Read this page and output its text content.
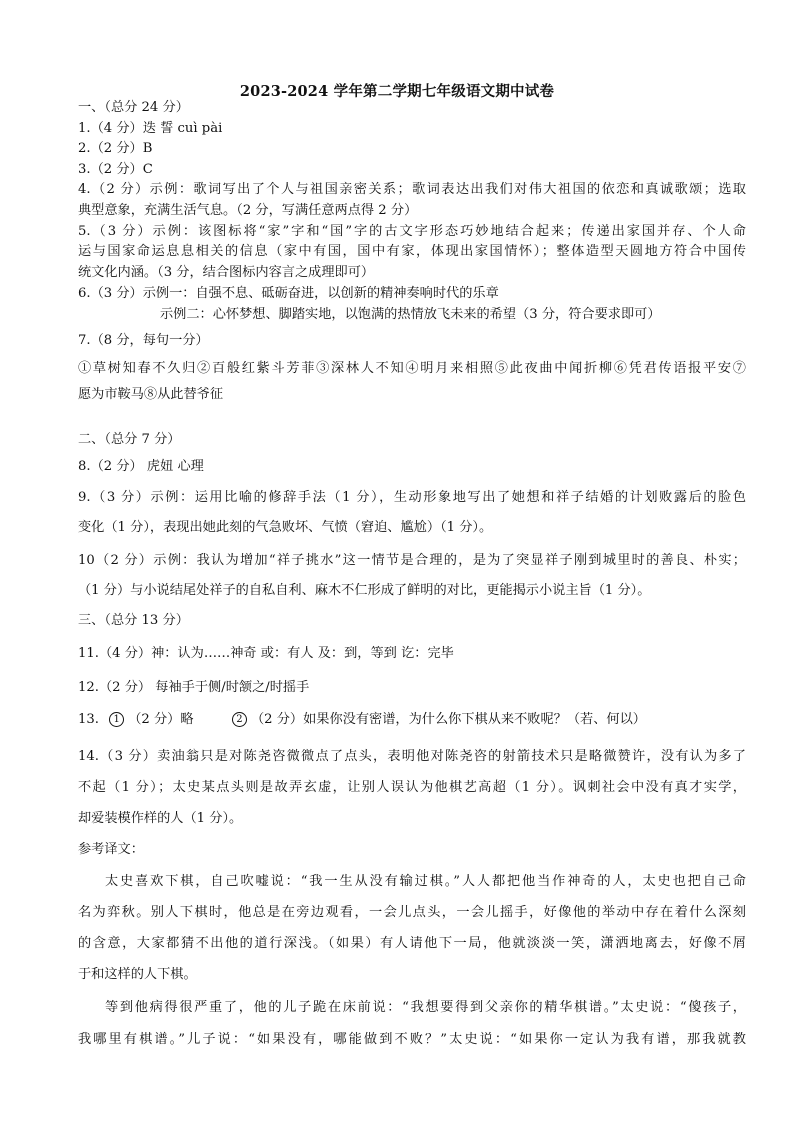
2023-2024 学年第二学期七年级语文期中试卷
一、（总分 24 分）
1.（4 分）迭 誓 cuì pài
2.（2 分）B
3.（2 分）C
4.（2 分）示例：歌词写出了个人与祖国亲密关系；歌词表达出我们对伟大祖国的依恋和真诚歌颂；选取
典型意象，充满生活气息。（2 分，写满任意两点得 2 分）
5.（3 分）示例：该图标将“家”字和“国”字的古文字形态巧妙地结合起来；传递出家国并存、个人命
运与国家命运息息相关的信息（家中有国，国中有家，体现出家国情怀）；整体造型天圆地方符合中国传
统文化内涵。（3 分，结合图标内容言之成理即可）
6.（3 分）示例一：自强不息、砥砺奋进，以创新的精神奏响时代的乐章
示例二：心怀梦想、脚踏实地，以饱满的热情放飞未来的希望（3 分，符合要求即可）
7.（8 分，每句一分）
①草树知春不久归②百般红紫斗芳菲③深林人不知④明月来相照⑤此夜曲中闻折柳⑥凭君传语报平安⑦
愿为市鞍马⑧从此替爷征
二、（总分 7 分）
8.（2 分） 虎妞 心理
9.（3 分）示例：运用比喻的修辞手法（1 分），生动形象地写出了她想和祥子结婚的计划败露后的脸色
变化（1 分），表现出她此刻的气急败坏、气愤（窘迫、尴尬）（1 分）。
10（2 分）示例：我认为增加“祥子挑水”这一情节是合理的，是为了突显祥子刚到城里时的善良、朴实；
（1 分）与小说结尾处祥子的自私自利、麻木不仁形成了鲜明的对比，更能揭示小说主旨（1 分）。
三、（总分 13 分）
11.（4 分）神：认为……神奇 或：有人 及：到，等到 讫：完毕
12.（2 分） 每袖手于侧/时颔之/时摇手
13. 1 （2 分）略	2 （2 分）如果你没有密谱，为什么你下棋从来不败呢？（若、何以）
14.（3 分）卖油翁只是对陈尧咨微微点了点头，表明他对陈尧咨的射箭技术只是略微赞许，没有认为多了
不起（1 分）；太史某点头则是故弄玄虚，让别人误认为他棋艺高超（1 分）。讽刺社会中没有真才实学，
却爱装模作样的人（1 分）。
参考译文：
太史喜欢下棋，自己吹嘘说：“我一生从没有输过棋。”人人都把他当作神奇的人，太史也把自己命
名为弈秋。别人下棋时，他总是在旁边观看，一会儿点头，一会儿摇手，好像他的举动中存在着什么深刻
的含意，大家都猜不出他的道行深浅。（如果）有人请他下一局，他就淡淡一笑，潇洒地离去，好像不屑
于和这样的人下棋。
等到他病得很严重了，他的儿子跪在床前说：“我想要得到父亲你的精华棋谱。”太史说：“傻孩子，
我哪里有棋谱。”儿子说：“如果没有，哪能做到不败？”太史说：“如果你一定认为我有谱，那我就教
